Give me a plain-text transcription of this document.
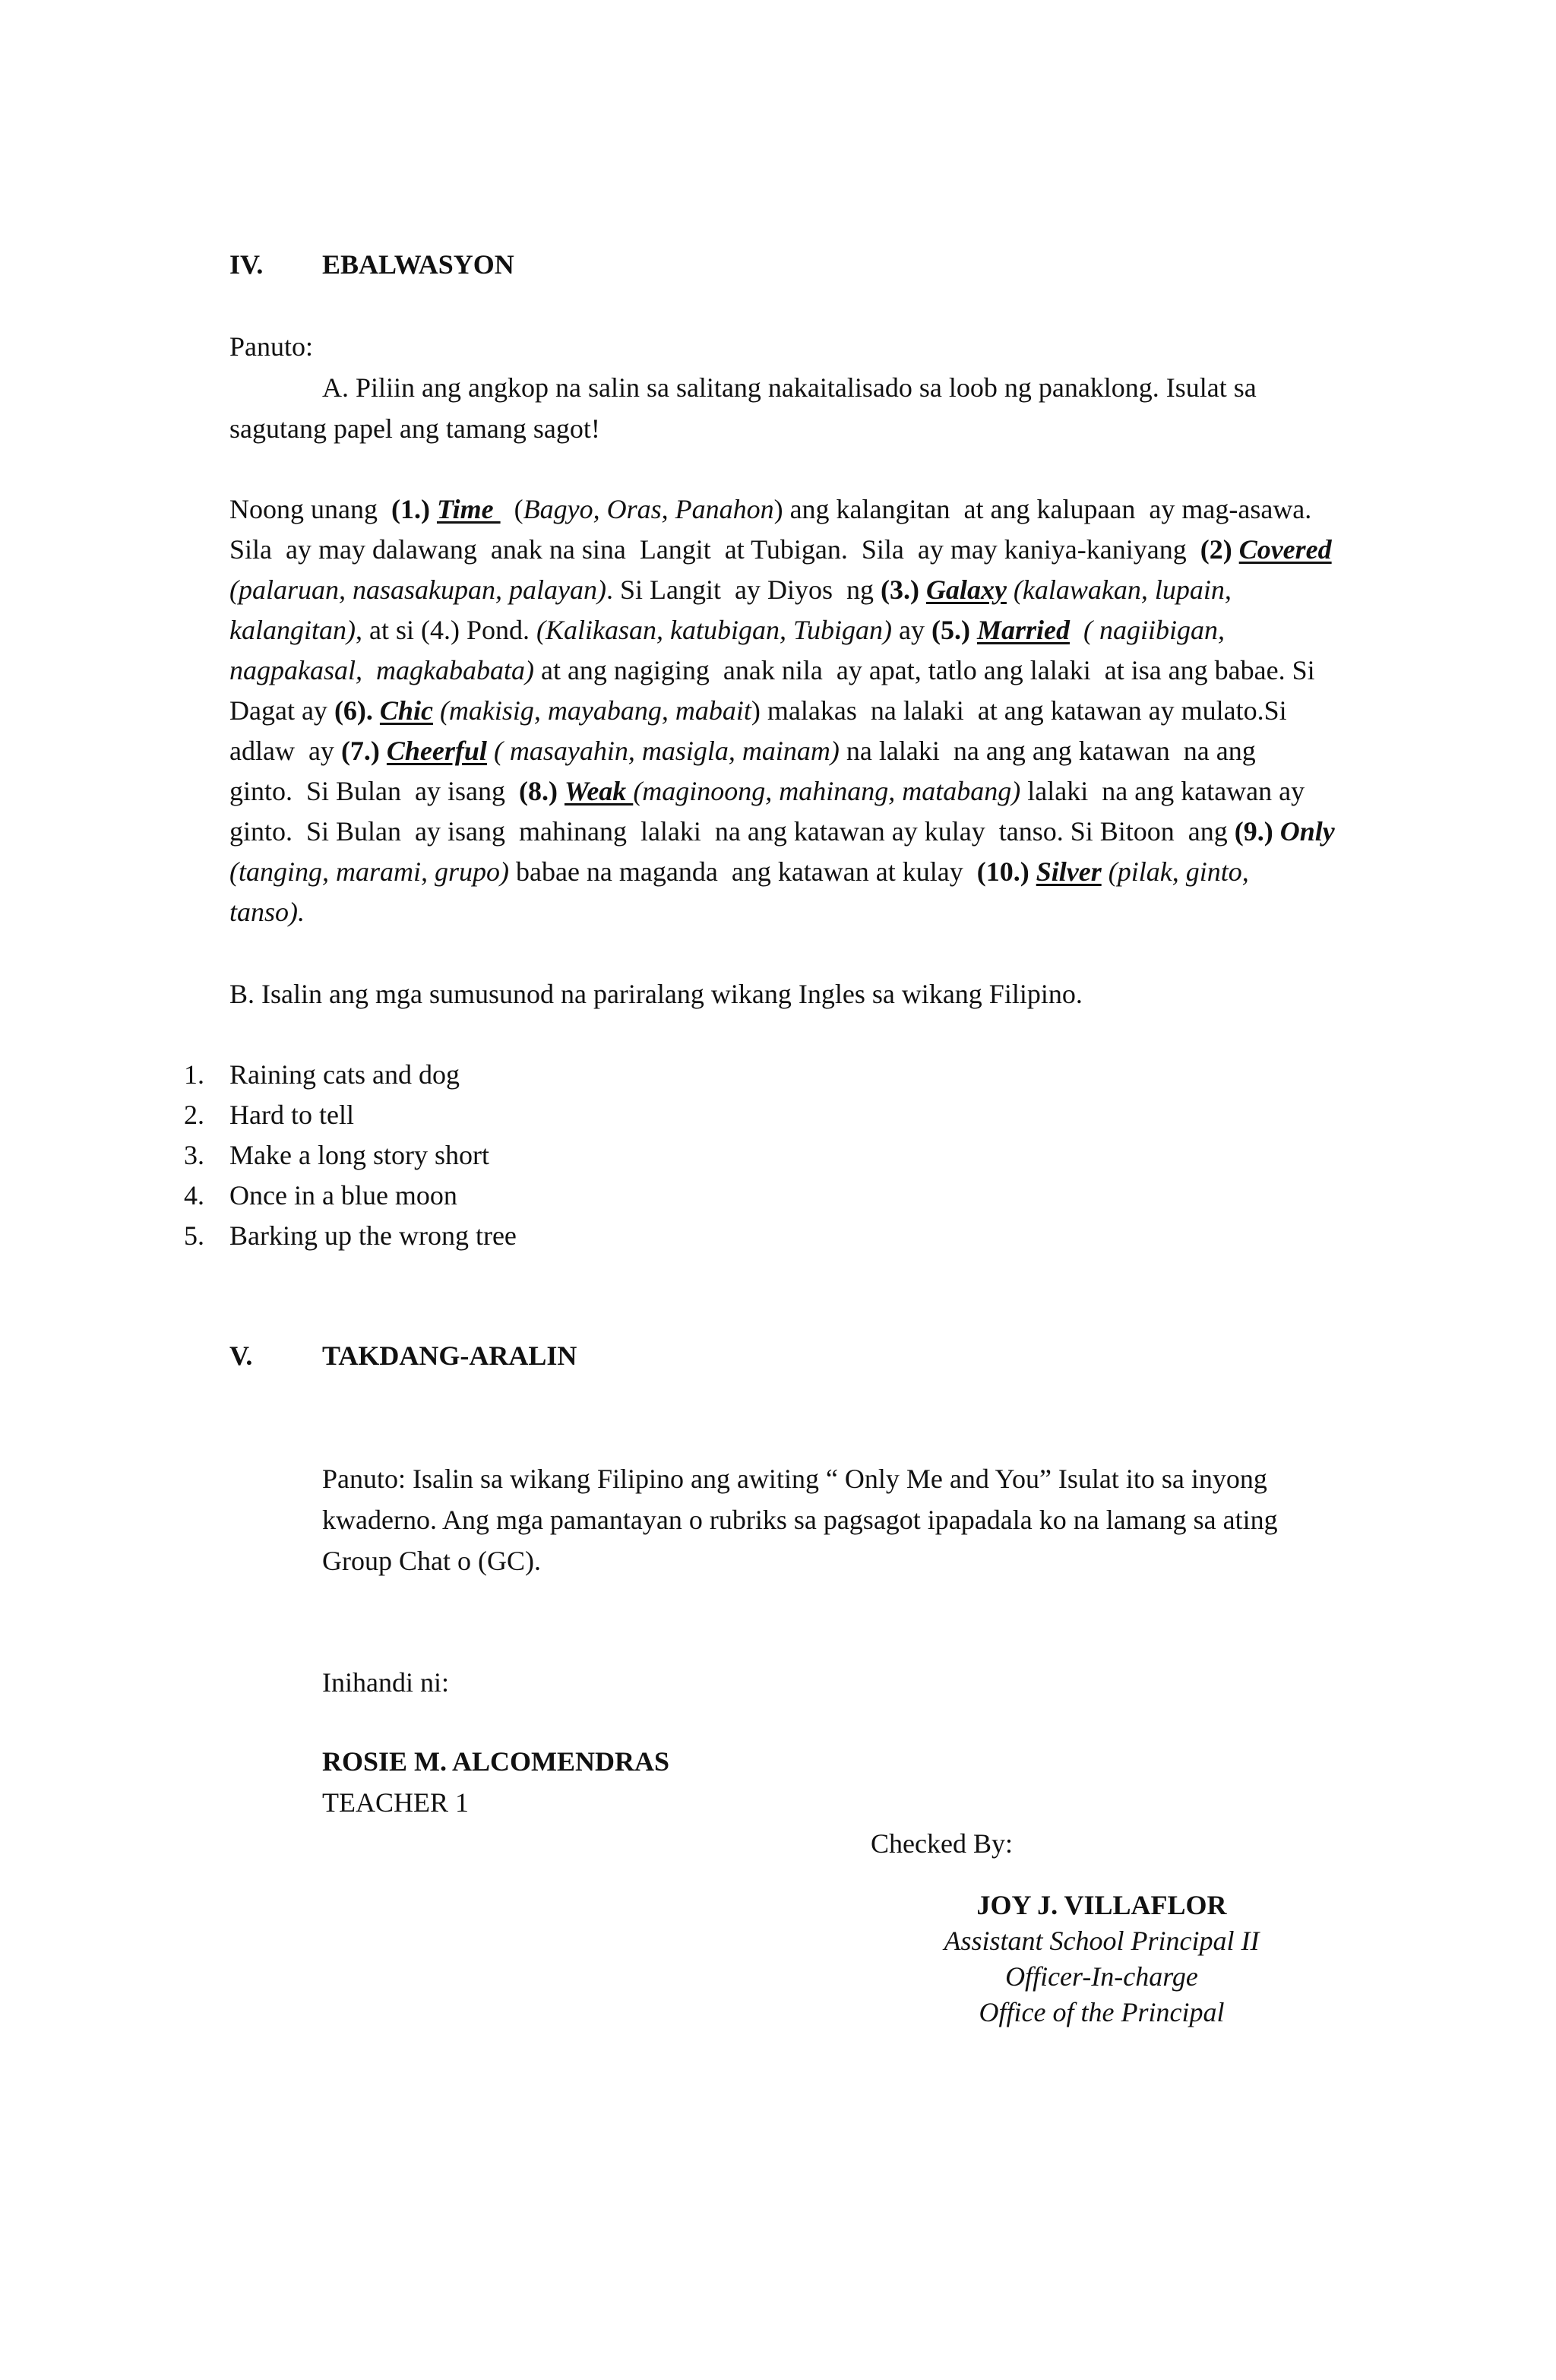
IV. EBALWASYON
Panuto:
A. Piliin ang angkop na salin sa salitang nakaitalisado sa loob ng panaklong. Isulat sa
sagutang papel ang tamang sagot!
Noong unang  (1.) Time   (Bagyo, Oras, Panahon) ang kalangitan  at ang kalupaan  ay mag-asawa.
Sila  ay may dalawang  anak na sina  Langit  at Tubigan.  Sila  ay may kaniya-kaniyang  (2) Covered
(palaruan, nasasakupan, palayan). Si Langit  ay Diyos  ng (3.) Galaxy (kalawakan, lupain,
kalangitan), at si (4.) Pond. (Kalikasan, katubigan, Tubigan) ay (5.) Married  ( nagiibigan,
nagpakasal,  magkababata) at ang nagiging  anak nila  ay apat, tatlo ang lalaki  at isa ang babae. Si
Dagat ay (6). Chic (makisig, mayabang, mabait) malakas  na lalaki  at ang katawan ay mulato.Si
adlaw  ay (7.) Cheerful ( masayahin, masigla, mainam) na lalaki  na ang ang katawan  na ang
ginto.  Si Bulan  ay isang  (8.) Weak (maginoong, mahinang, matabang) lalaki  na ang katawan ay
ginto.  Si Bulan  ay isang  mahinang  lalaki  na ang katawan ay kulay  tanso. Si Bitoon  ang (9.) Only
(tanging, marami, grupo) babae na maganda  ang katawan at kulay  (10.) Silver (pilak, ginto,
tanso).
B. Isalin ang mga sumusunod na pariralang wikang Ingles sa wikang Filipino.
1. Raining cats and dog
2. Hard to tell
3. Make a long story short
4. Once in a blue moon
5. Barking up the wrong tree
V.	TAKDANG-ARALIN
Panuto: Isalin sa wikang Filipino ang awiting “ Only Me and You” Isulat ito sa inyong
kwaderno. Ang mga pamantayan o rubriks sa pagsagot ipapadala ko na lamang sa ating
Group Chat o (GC).
Inihandi ni:
ROSIE M. ALCOMENDRAS
TEACHER 1
Checked By:
JOY J. VILLAFLOR
Assistant School Principal II
Officer-In-charge
Office of the Principal
